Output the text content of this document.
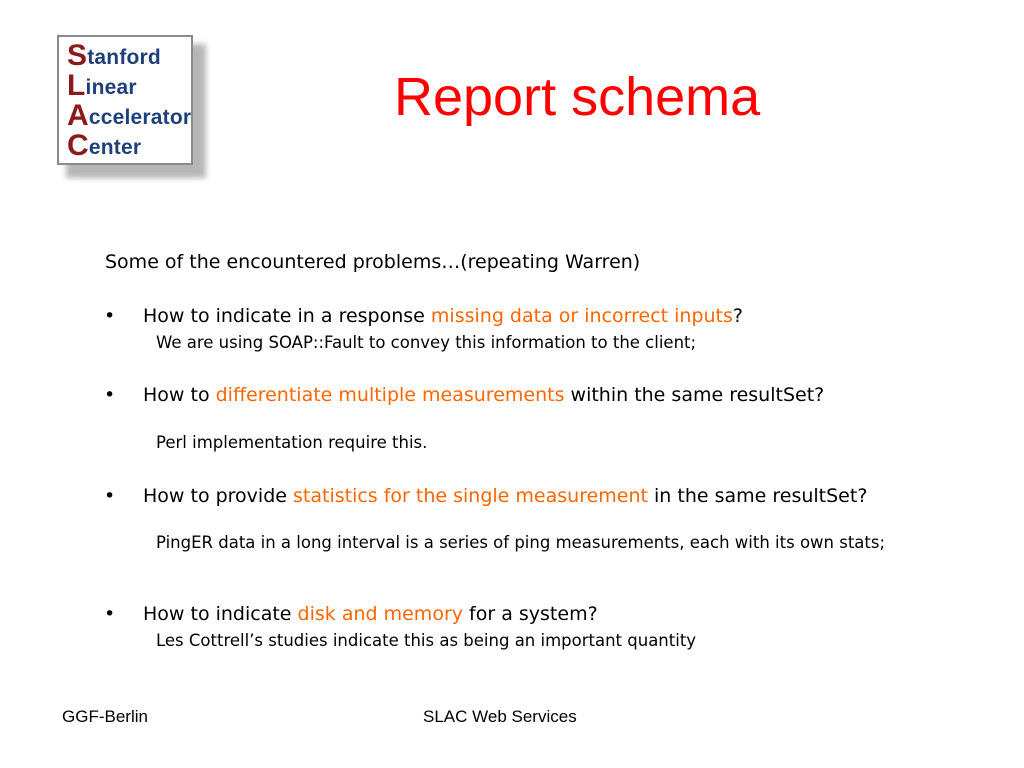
Stanford
Linear
Accelerator
Center
Report schema
Some of the encountered problems…(repeating Warren)
• How to indicate in a response missing data or incorrect inputs?
We are using SOAP::Fault to convey this information to the client;
• How to differentiate multiple measurements within the same resultSet?
Perl implementation require this.
• How to provide statistics for the single measurement in the same resultSet?
PingER data in a long interval is a series of ping measurements, each with its own stats;
• How to indicate disk and memory for a system?
Les Cottrell’s studies indicate this as being an important quantity
GGF-Berlin	SLAC Web Services
